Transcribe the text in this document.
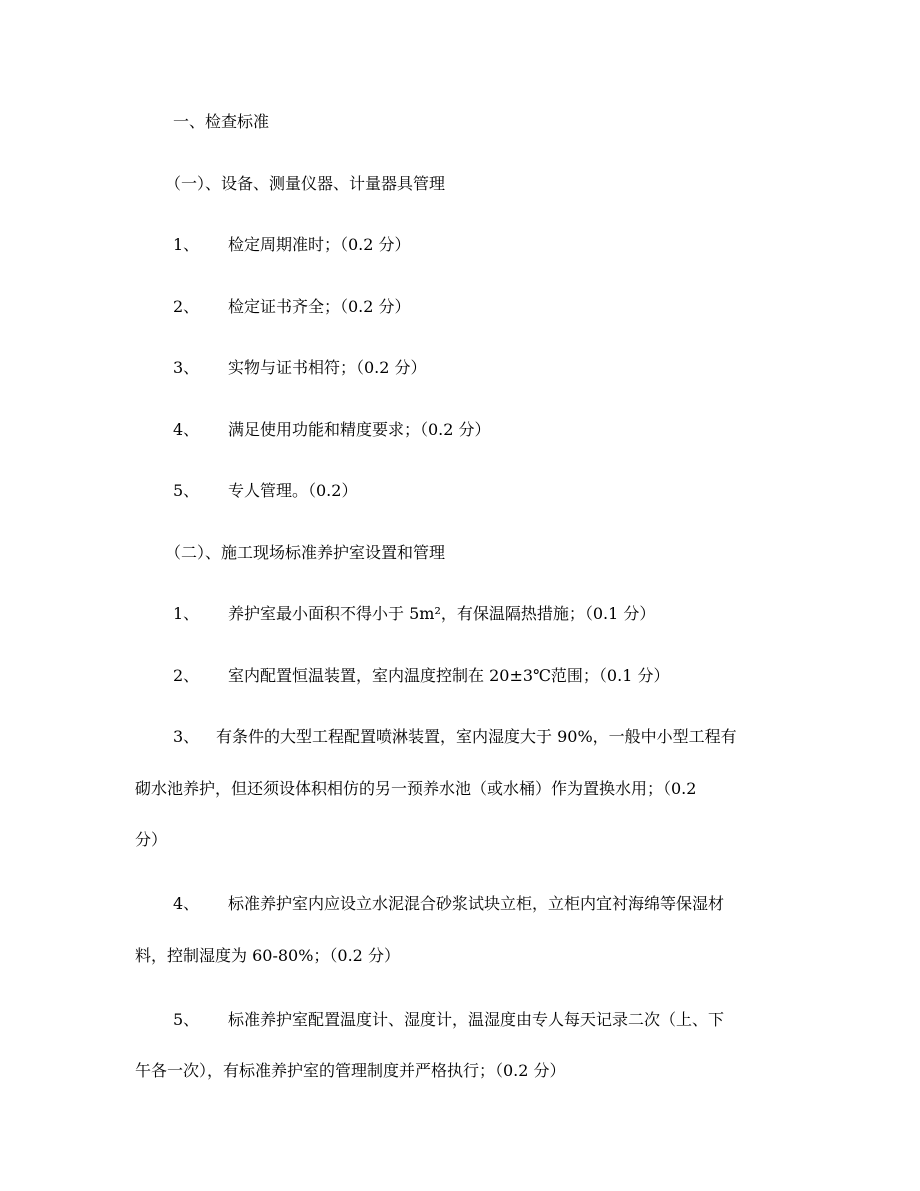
一、检查标准
（一）、设备、测量仪器、计量器具管理
1、 检定周期准时；（0.2 分）
2、 检定证书齐全；（0.2 分）
3、 实物与证书相符；（0.2 分）
4、 满足使用功能和精度要求；（0.2 分）
5、 专人管理。（0.2）
（二）、施工现场标准养护室设置和管理
1、 养护室最小面积不得小于 5m²，有保温隔热措施；（0.1 分）
2、 室内配置恒温装置，室内温度控制在 20±3℃范围；（0.1 分）
3、 有条件的大型工程配置喷淋装置，室内湿度大于 90%，一般中小型工程有
砌水池养护，但还须设体积相仿的另一预养水池（或水桶）作为置换水用；（0.2
分）
4、 标准养护室内应设立水泥混合砂浆试块立柜，立柜内宜衬海绵等保湿材
料，控制湿度为 60-80%；（0.2 分）
5、 标准养护室配置温度计、湿度计，温湿度由专人每天记录二次（上、下
午各一次），有标准养护室的管理制度并严格执行；（0.2 分）
